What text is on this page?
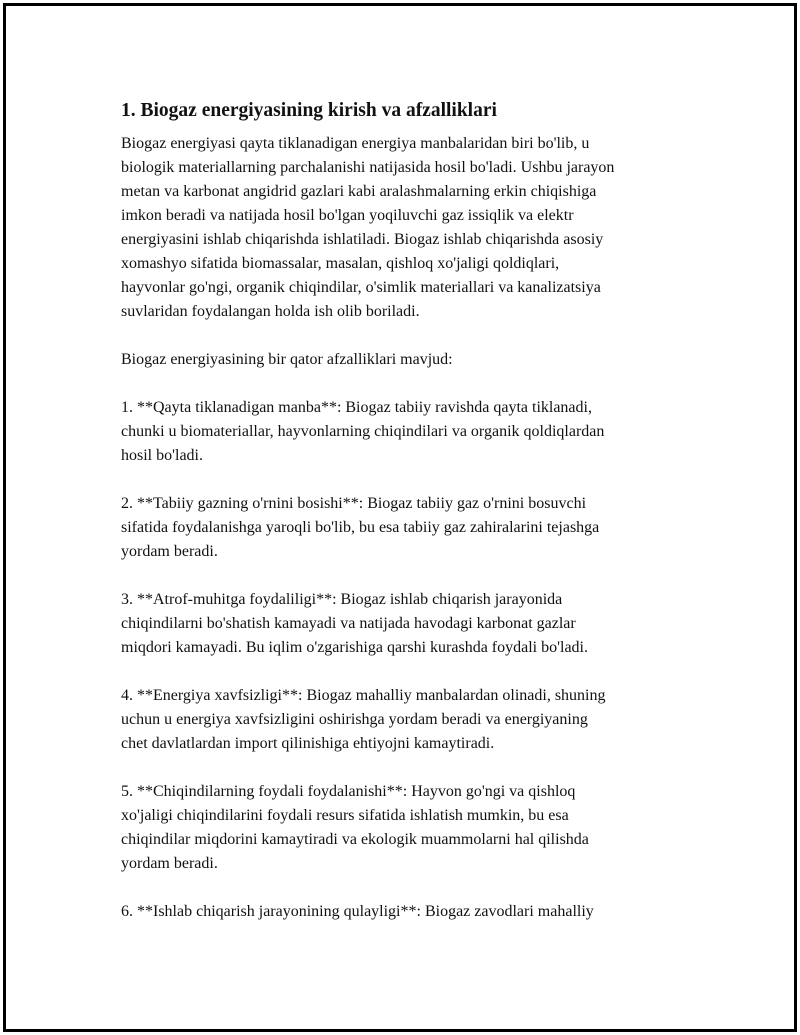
1. Biogaz energiyasining kirish va afzalliklari

Biogaz energiyasi qayta tiklanadigan energiya manbalaridan biri bo'lib, u
biologik materiallarning parchalanishi natijasida hosil bo'ladi. Ushbu jarayon
metan va karbonat angidrid gazlari kabi aralashmalarning erkin chiqishiga
imkon beradi va natijada hosil bo'lgan yoqiluvchi gaz issiqlik va elektr
energiyasini ishlab chiqarishda ishlatiladi. Biogaz ishlab chiqarishda asosiy
xomashyo sifatida biomassalar, masalan, qishloq xo'jaligi qoldiqlari,
hayvonlar go'ngi, organik chiqindilar, o'simlik materiallari va kanalizatsiya
suvlaridan foydalangan holda ish olib boriladi.

Biogaz energiyasining bir qator afzalliklari mavjud:

1. **Qayta tiklanadigan manba**: Biogaz tabiiy ravishda qayta tiklanadi,
chunki u biomateriallar, hayvonlarning chiqindilari va organik qoldiqlardan
hosil bo'ladi.

2. **Tabiiy gazning o'rnini bosishi**: Biogaz tabiiy gaz o'rnini bosuvchi
sifatida foydalanishga yaroqli bo'lib, bu esa tabiiy gaz zahiralarini tejashga
yordam beradi.

3. **Atrof-muhitga foydaliligi**: Biogaz ishlab chiqarish jarayonida
chiqindilarni bo'shatish kamayadi va natijada havodagi karbonat gazlar
miqdori kamayadi. Bu iqlim o'zgarishiga qarshi kurashda foydali bo'ladi.

4. **Energiya xavfsizligi**: Biogaz mahalliy manbalardan olinadi, shuning
uchun u energiya xavfsizligini oshirishga yordam beradi va energiyaning
chet davlatlardan import qilinishiga ehtiyojni kamaytiradi.

5. **Chiqindilarning foydali foydalanishi**: Hayvon go'ngi va qishloq
xo'jaligi chiqindilarini foydali resurs sifatida ishlatish mumkin, bu esa
chiqindilar miqdorini kamaytiradi va ekologik muammolarni hal qilishda
yordam beradi.

6. **Ishlab chiqarish jarayonining qulayligi**: Biogaz zavodlari mahalliy
